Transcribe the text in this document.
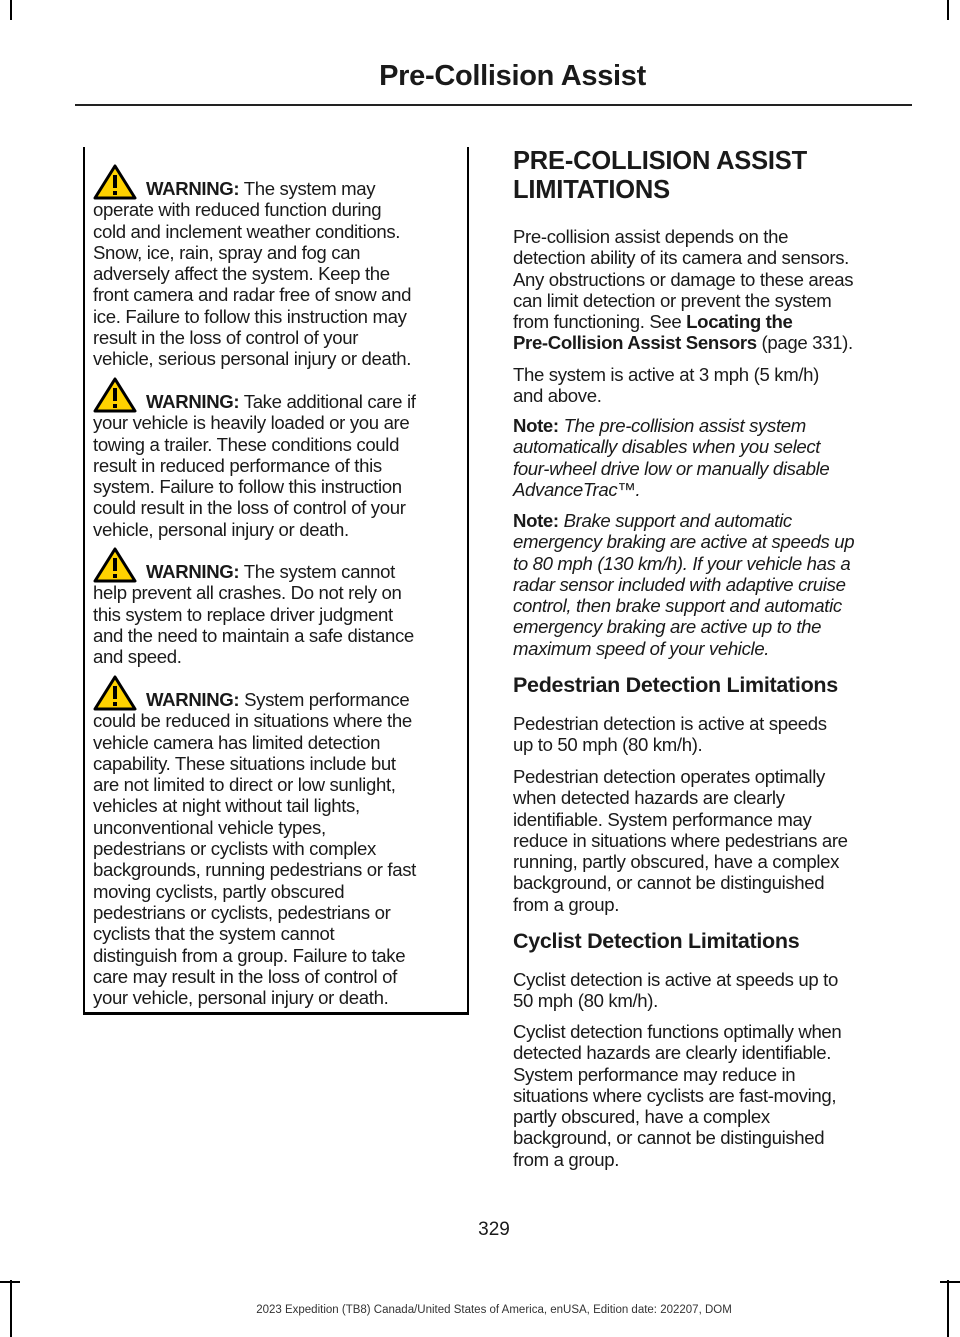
Pre-Collision Assist
WARNING: The system may
operate with reduced function during
cold and inclement weather conditions.
Snow, ice, rain, spray and fog can
adversely affect the system. Keep the
front camera and radar free of snow and
ice. Failure to follow this instruction may
result in the loss of control of your
vehicle, serious personal injury or death.
WARNING: Take additional care if
your vehicle is heavily loaded or you are
towing a trailer. These conditions could
result in reduced performance of this
system. Failure to follow this instruction
could result in the loss of control of your
vehicle, personal injury or death.
WARNING: The system cannot
help prevent all crashes. Do not rely on
this system to replace driver judgment
and the need to maintain a safe distance
and speed.
WARNING: System performance
could be reduced in situations where the
vehicle camera has limited detection
capability. These situations include but
are not limited to direct or low sunlight,
vehicles at night without tail lights,
unconventional vehicle types,
pedestrians or cyclists with complex
backgrounds, running pedestrians or fast
moving cyclists, partly obscured
pedestrians or cyclists, pedestrians or
cyclists that the system cannot
distinguish from a group. Failure to take
care may result in the loss of control of
your vehicle, personal injury or death.
PRE-COLLISION ASSIST
LIMITATIONS
Pre-collision assist depends on the
detection ability of its camera and sensors.
Any obstructions or damage to these areas
can limit detection or prevent the system
from functioning. See Locating the
Pre-Collision Assist Sensors (page 331).
The system is active at 3 mph (5 km/h)
and above.
Note: The pre-collision assist system
automatically disables when you select
four-wheel drive low or manually disable
AdvanceTrac™.
Note: Brake support and automatic
emergency braking are active at speeds up
to 80 mph (130 km/h). If your vehicle has a
radar sensor included with adaptive cruise
control, then brake support and automatic
emergency braking are active up to the
maximum speed of your vehicle.
Pedestrian Detection Limitations
Pedestrian detection is active at speeds
up to 50 mph (80 km/h).
Pedestrian detection operates optimally
when detected hazards are clearly
identifiable. System performance may
reduce in situations where pedestrians are
running, partly obscured, have a complex
background, or cannot be distinguished
from a group.
Cyclist Detection Limitations
Cyclist detection is active at speeds up to
50 mph (80 km/h).
Cyclist detection functions optimally when
detected hazards are clearly identifiable.
System performance may reduce in
situations where cyclists are fast-moving,
partly obscured, have a complex
background, or cannot be distinguished
from a group.
329
2023 Expedition (TB8) Canada/United States of America, enUSA, Edition date: 202207, DOM
